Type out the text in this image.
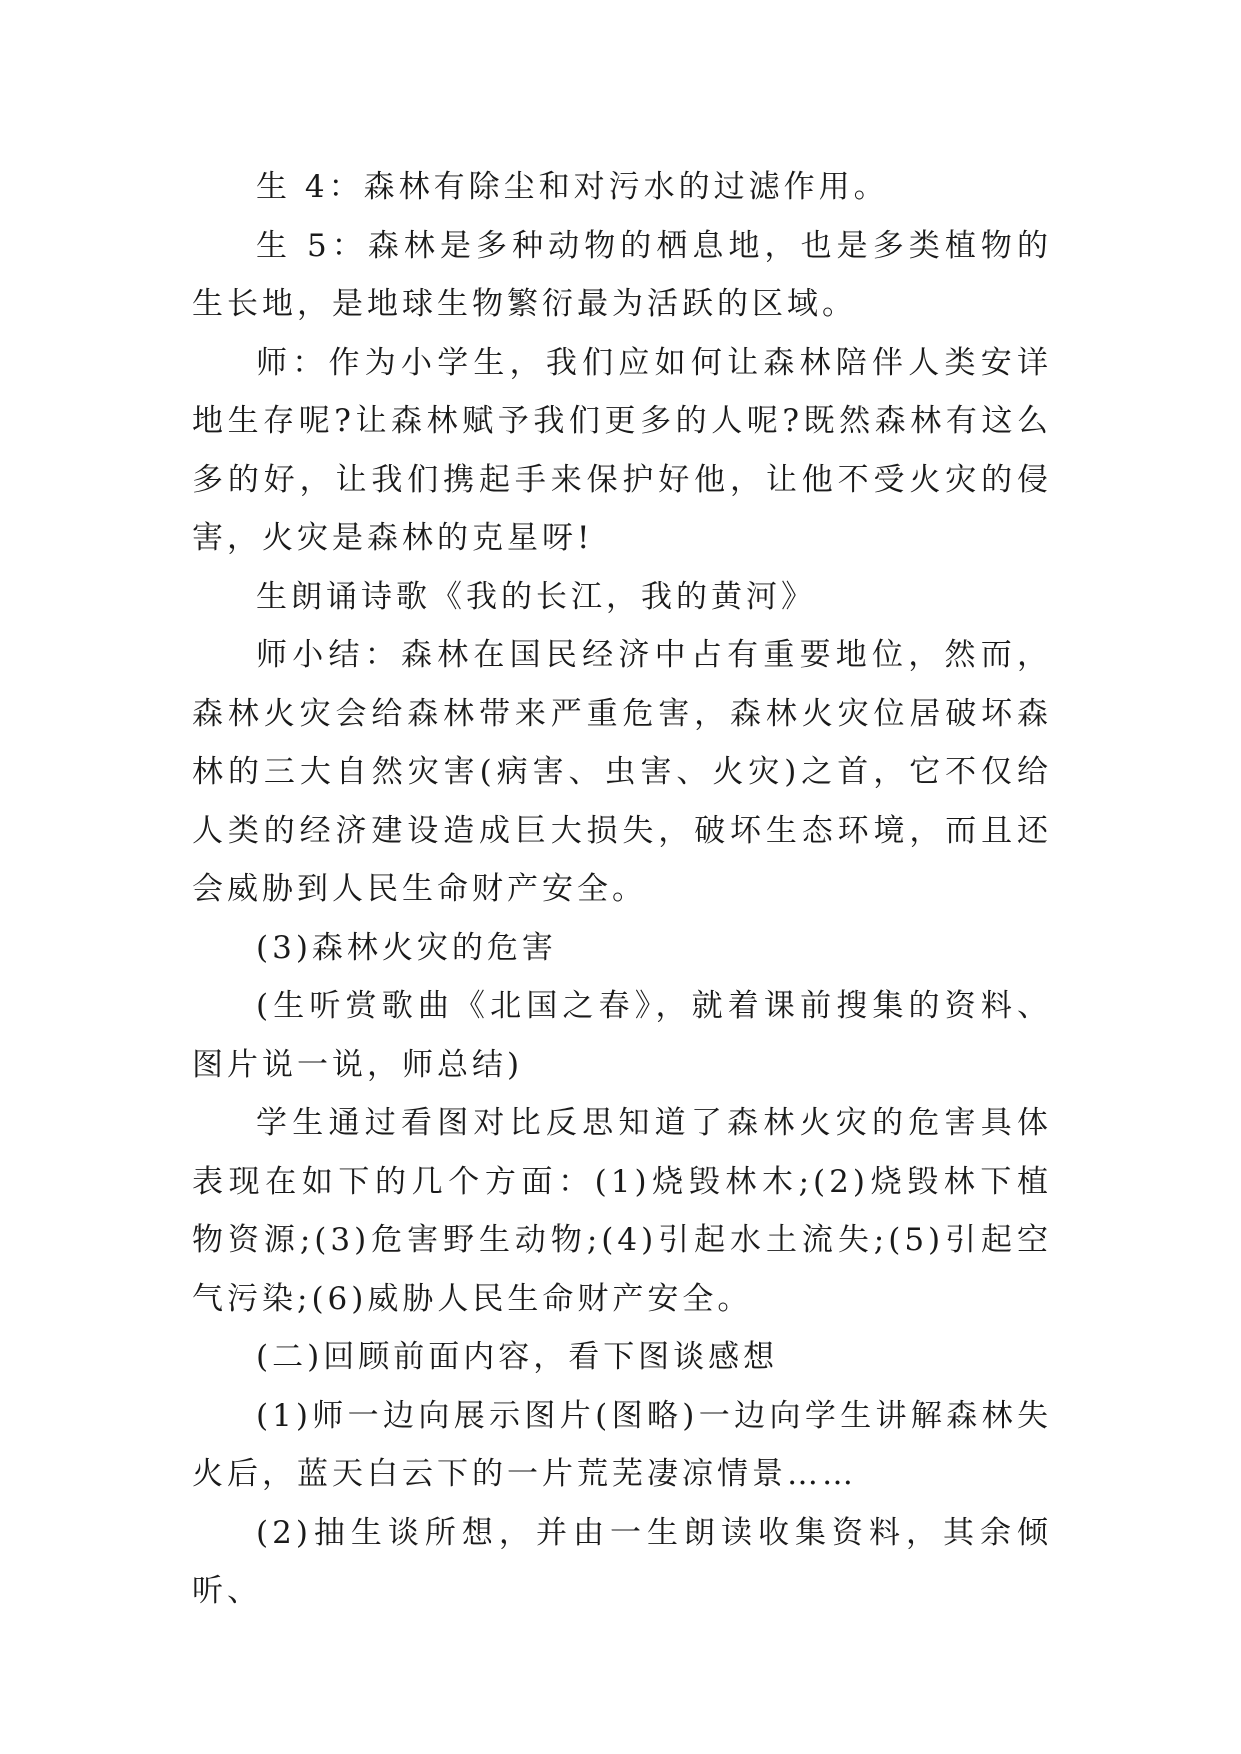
生 4：森林有除尘和对污水的过滤作用。

生 5：森林是多种动物的栖息地，也是多类植物的生长地，是地球生物繁衍最为活跃的区域。

师：作为小学生，我们应如何让森林陪伴人类安详地生存呢?让森林赋予我们更多的人呢?既然森林有这么多的好，让我们携起手来保护好他，让他不受火灾的侵害，火灾是森林的克星呀!

生朗诵诗歌《我的长江，我的黄河》

师小结：森林在国民经济中占有重要地位，然而，森林火灾会给森林带来严重危害，森林火灾位居破坏森林的三大自然灾害(病害、虫害、火灾)之首，它不仅给人类的经济建设造成巨大损失，破坏生态环境，而且还会威胁到人民生命财产安全。

(3)森林火灾的危害

(生听赏歌曲《北国之春》，就着课前搜集的资料、图片说一说，师总结)

学生通过看图对比反思知道了森林火灾的危害具体表现在如下的几个方面：(1)烧毁林木;(2)烧毁林下植物资源;(3)危害野生动物;(4)引起水土流失;(5)引起空气污染;(6)威胁人民生命财产安全。

(二)回顾前面内容，看下图谈感想

(1)师一边向展示图片(图略)一边向学生讲解森林失火后，蓝天白云下的一片荒芜凄凉情景……

(2)抽生谈所想，并由一生朗读收集资料，其余倾听、
